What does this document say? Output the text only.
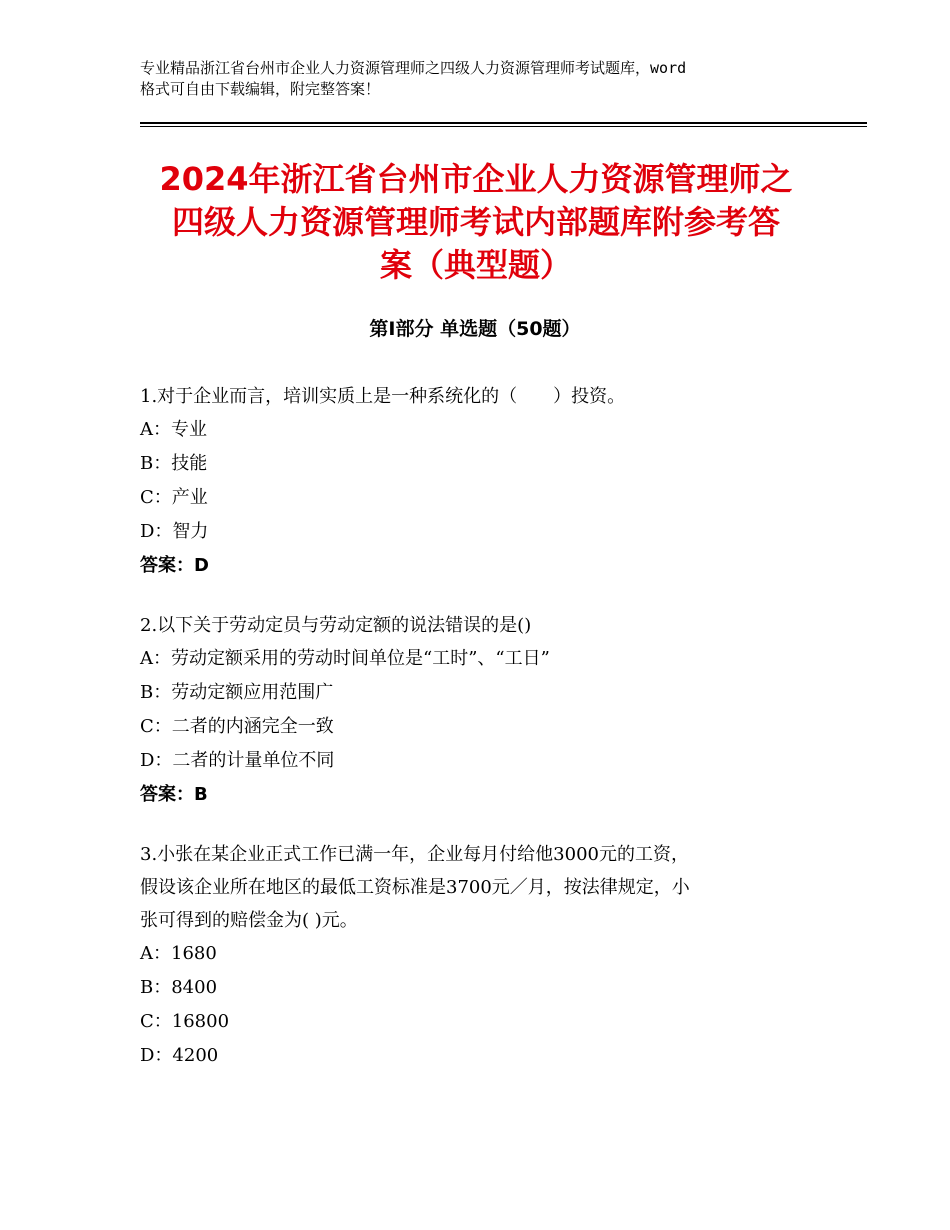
专业精品浙江省台州市企业人力资源管理师之四级人力资源管理师考试题库，word
格式可自由下载编辑，附完整答案！
2024年浙江省台州市企业人力资源管理师之
四级人力资源管理师考试内部题库附参考答
案（典型题）
第Ⅰ部分 单选题（50题）

1.对于企业而言，培训实质上是一种系统化的（　　）投资。

A：专业

B：技能

C：产业

D：智力

答案：D

2.以下关于劳动定员与劳动定额的说法错误的是()

A：劳动定额采用的劳动时间单位是“工时”、“工日”

B：劳动定额应用范围广

C：二者的内涵完全一致

D：二者的计量单位不同

答案：B

3.小张在某企业正式工作已满一年，企业每月付给他3000元的工资，

假设该企业所在地区的最低工资标准是3700元／月，按法律规定，小

张可得到的赔偿金为( )元。

A：1680

B：8400

C：16800

D：4200
